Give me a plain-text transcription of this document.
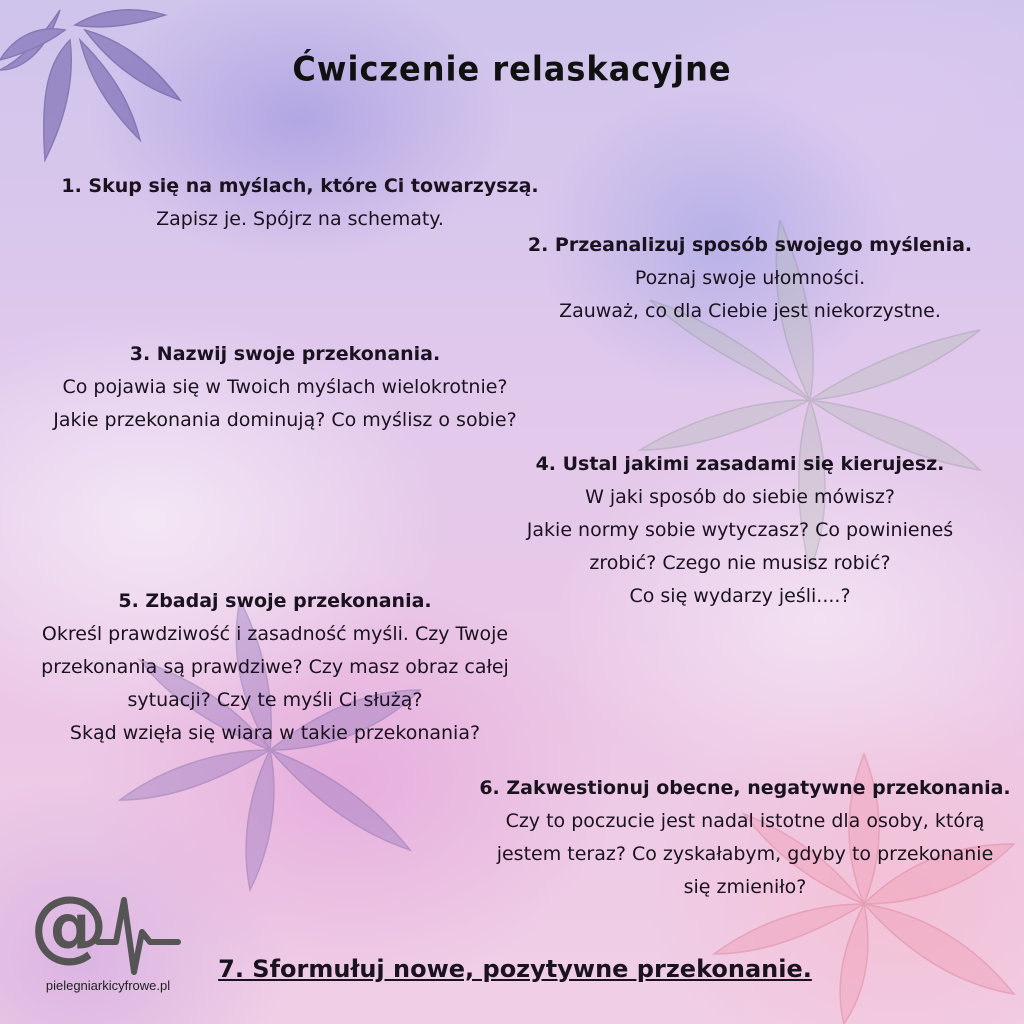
Ćwiczenie relaskacyjne
1. Skup się na myślach, które Ci towarzyszą.
Zapisz je. Spójrz na schematy.
2. Przeanalizuj sposób swojego myślenia.
Poznaj swoje ułomności.
Zauważ, co dla Ciebie jest niekorzystne.
3. Nazwij swoje przekonania.
Co pojawia się w Twoich myślach wielokrotnie?
Jakie przekonania dominują? Co myślisz o sobie?
4. Ustal jakimi zasadami się kierujesz.
W jaki sposób do siebie mówisz?
Jakie normy sobie wytyczasz? Co powinieneś
zrobić? Czego nie musisz robić?
Co się wydarzy jeśli....?
5. Zbadaj swoje przekonania.
Określ prawdziwość i zasadność myśli. Czy Twoje
przekonania są prawdziwe? Czy masz obraz całej
sytuacji? Czy te myśli Ci służą?
Skąd wzięła się wiara w takie przekonania?
6. Zakwestionuj obecne, negatywne przekonania.
Czy to poczucie jest nadal istotne dla osoby, którą
jestem teraz? Co zyskałabym, gdyby to przekonanie
się zmieniło?
7. Sformułuj nowe, pozytywne przekonanie.
@
pielegniarkicyfrowe.pl
